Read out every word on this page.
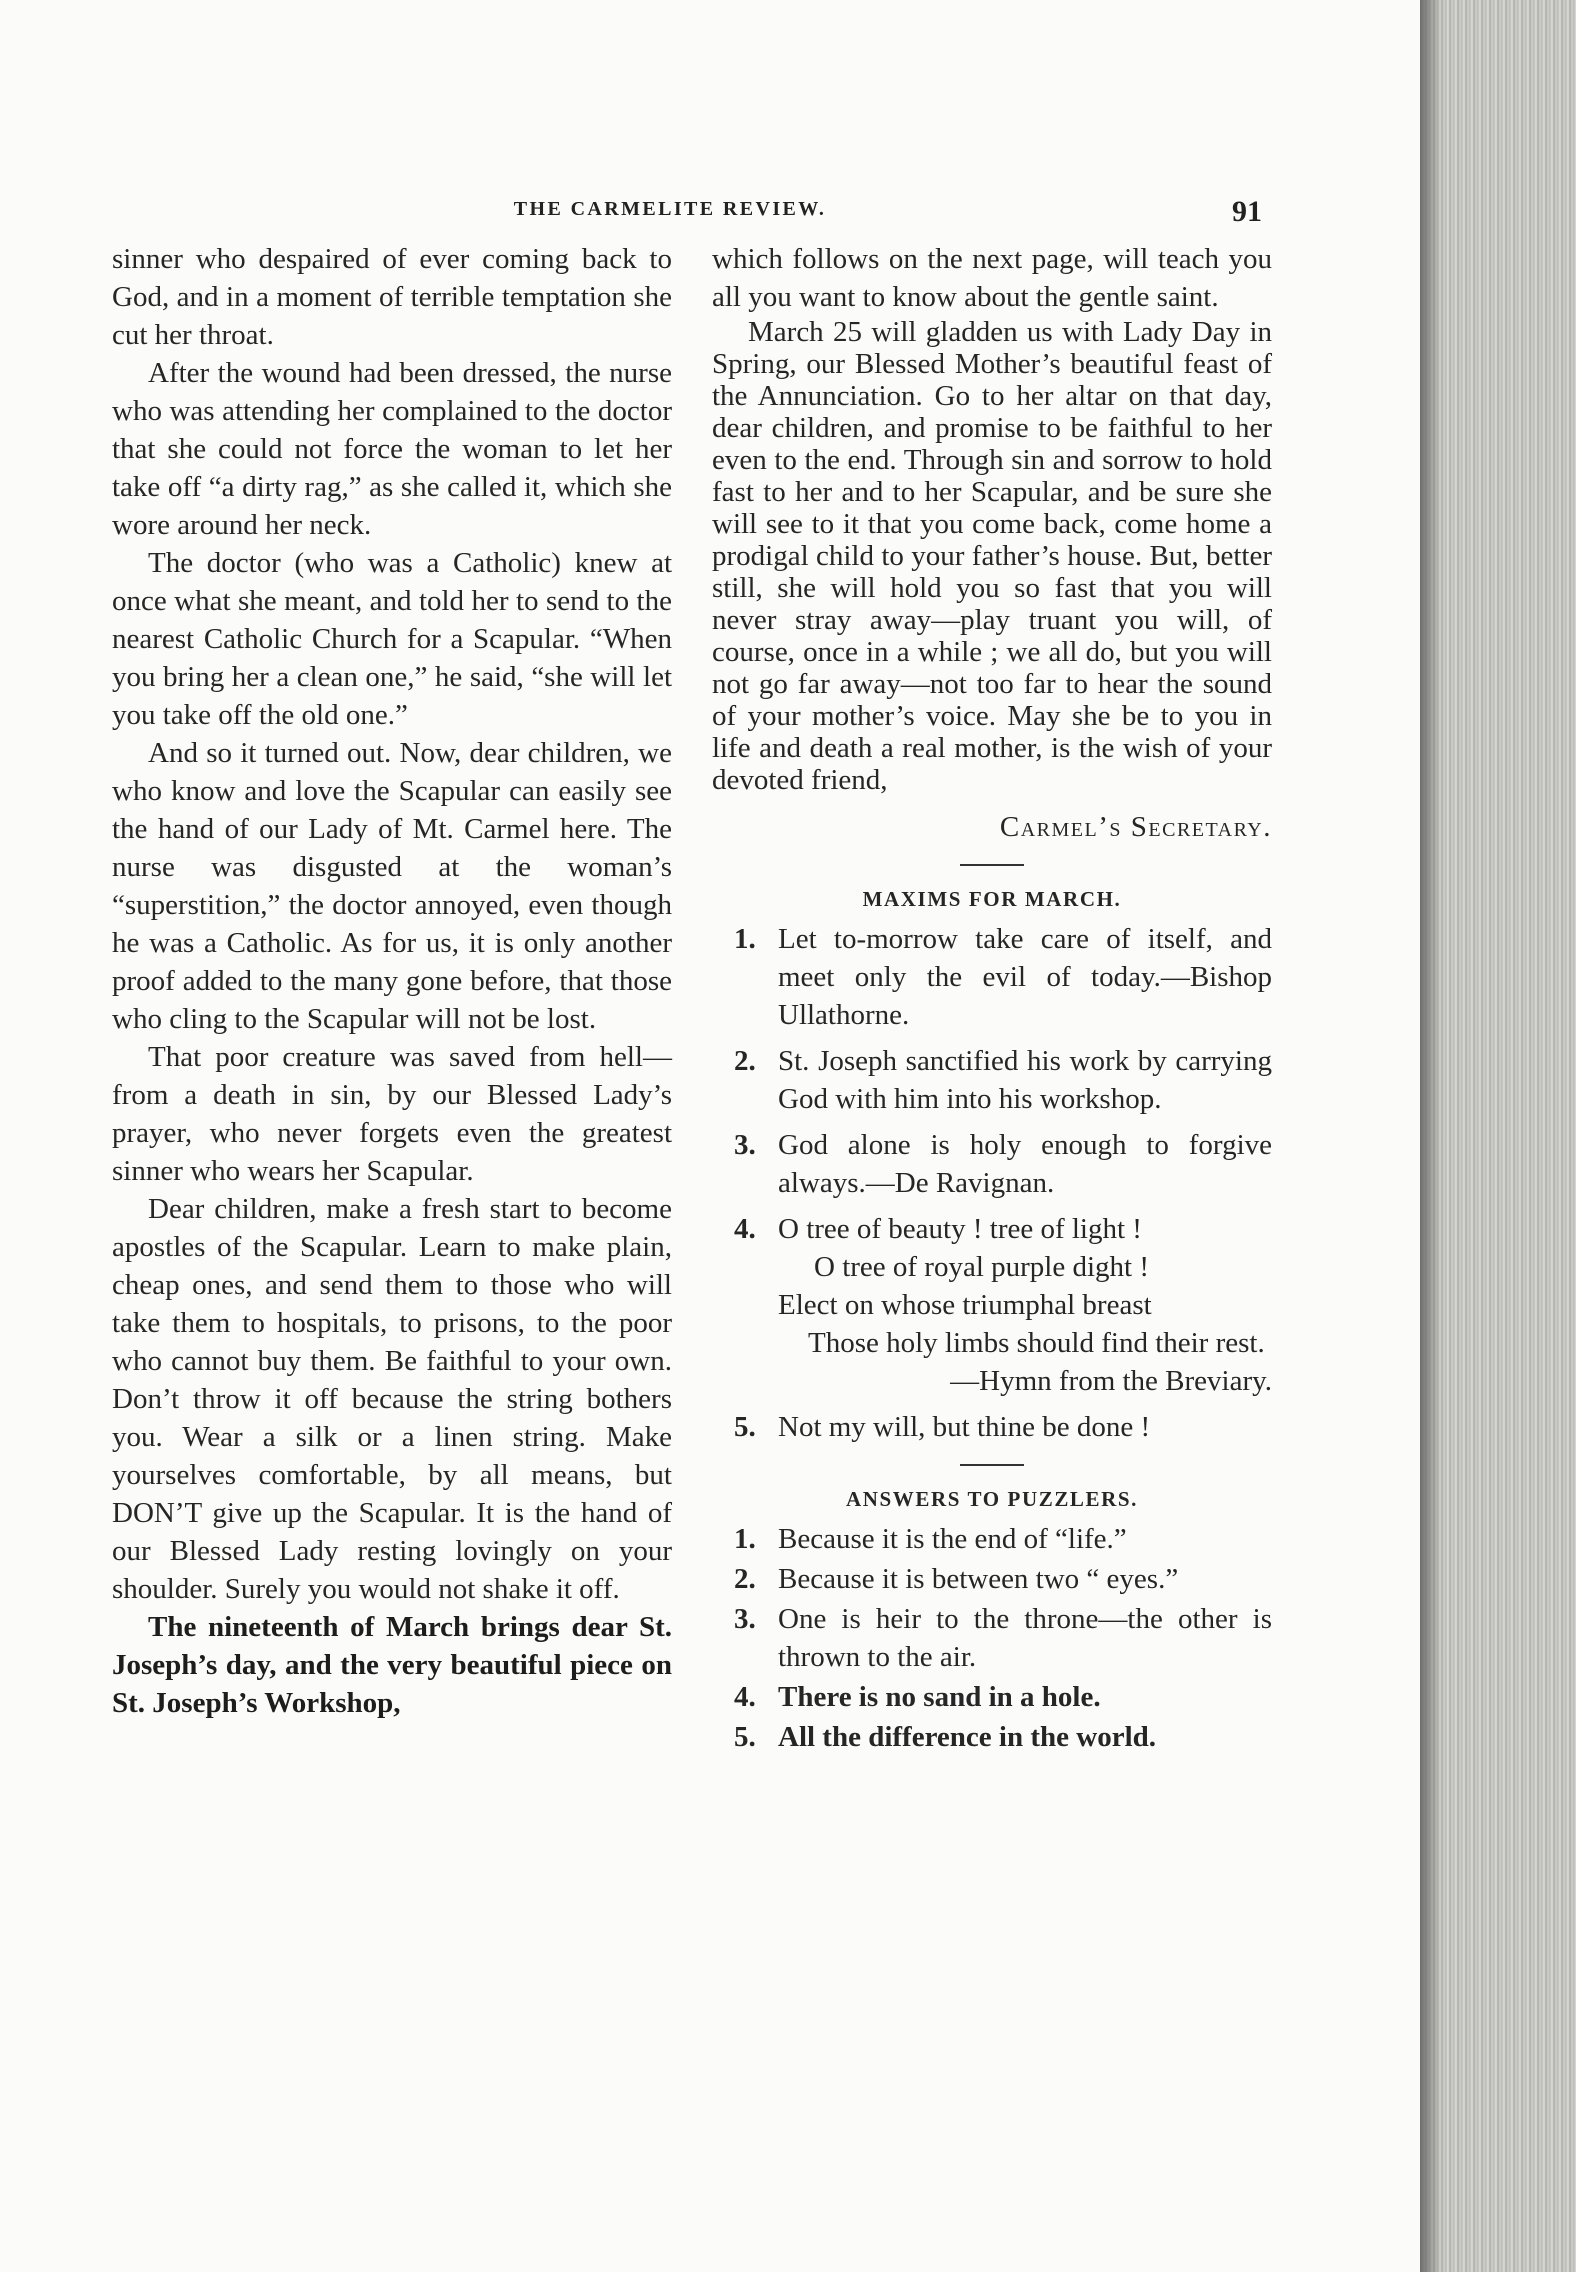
THE CARMELITE REVIEW.	91

sinner who despaired of ever coming back to God, and in a moment of terrible temptation she cut her throat.

After the wound had been dressed, the nurse who was attending her complained to the doctor that she could not force the woman to let her take off “a dirty rag,” as she called it, which she wore around her neck.

The doctor (who was a Catholic) knew at once what she meant, and told her to send to the nearest Catholic Church for a Scapular. “When you bring her a clean one,” he said, “she will let you take off the old one.”

And so it turned out. Now, dear children, we who know and love the Scapular can easily see the hand of our Lady of Mt. Carmel here. The nurse was disgusted at the woman’s “superstition,” the doctor annoyed, even though he was a Catholic. As for us, it is only another proof added to the many gone before, that those who cling to the Scapular will not be lost.

That poor creature was saved from hell—from a death in sin, by our Blessed Lady’s prayer, who never forgets even the greatest sinner who wears her Scapular.

Dear children, make a fresh start to become apostles of the Scapular. Learn to make plain, cheap ones, and send them to those who will take them to hospitals, to prisons, to the poor who cannot buy them. Be faithful to your own. Don’t throw it off because the string bothers you. Wear a silk or a linen string. Make yourselves comfortable, by all means, but DON’T give up the Scapular. It is the hand of our Blessed Lady resting lovingly on your shoulder. Surely you would not shake it off.

The nineteenth of March brings dear St. Joseph’s day, and the very beautiful piece on St. Joseph’s Workshop,

which follows on the next page, will teach you all you want to know about the gentle saint.

March 25 will gladden us with Lady Day in Spring, our Blessed Mother’s beautiful feast of the Annunciation. Go to her altar on that day, dear children, and promise to be faithful to her even to the end. Through sin and sorrow to hold fast to her and to her Scapular, and be sure she will see to it that you come back, come home a prodigal child to your father’s house. But, better still, she will hold you so fast that you will never stray away—play truant you will, of course, once in a while ; we all do, but you will not go far away—not too far to hear the sound of your mother’s voice. May she be to you in life and death a real mother, is the wish of your devoted friend,

Carmel’s Secretary.
MAXIMS FOR MARCH.
1. Let to-morrow take care of itself, and meet only the evil of today.—Bishop Ullathorne.
2. St. Joseph sanctified his work by carrying God with him into his workshop.
3. God alone is holy enough to forgive always.—De Ravignan.
4. O tree of beauty ! tree of light !
O tree of royal purple dight !
Elect on whose triumphal breast
Those holy limbs should find their rest.
—Hymn from the Breviary.
5. Not my will, but thine be done !
ANSWERS TO PUZZLERS.
1. Because it is the end of “life.”
2. Because it is between two “ eyes.”
3. One is heir to the throne—the other is thrown to the air.
4. There is no sand in a hole.
5. All the difference in the world.
